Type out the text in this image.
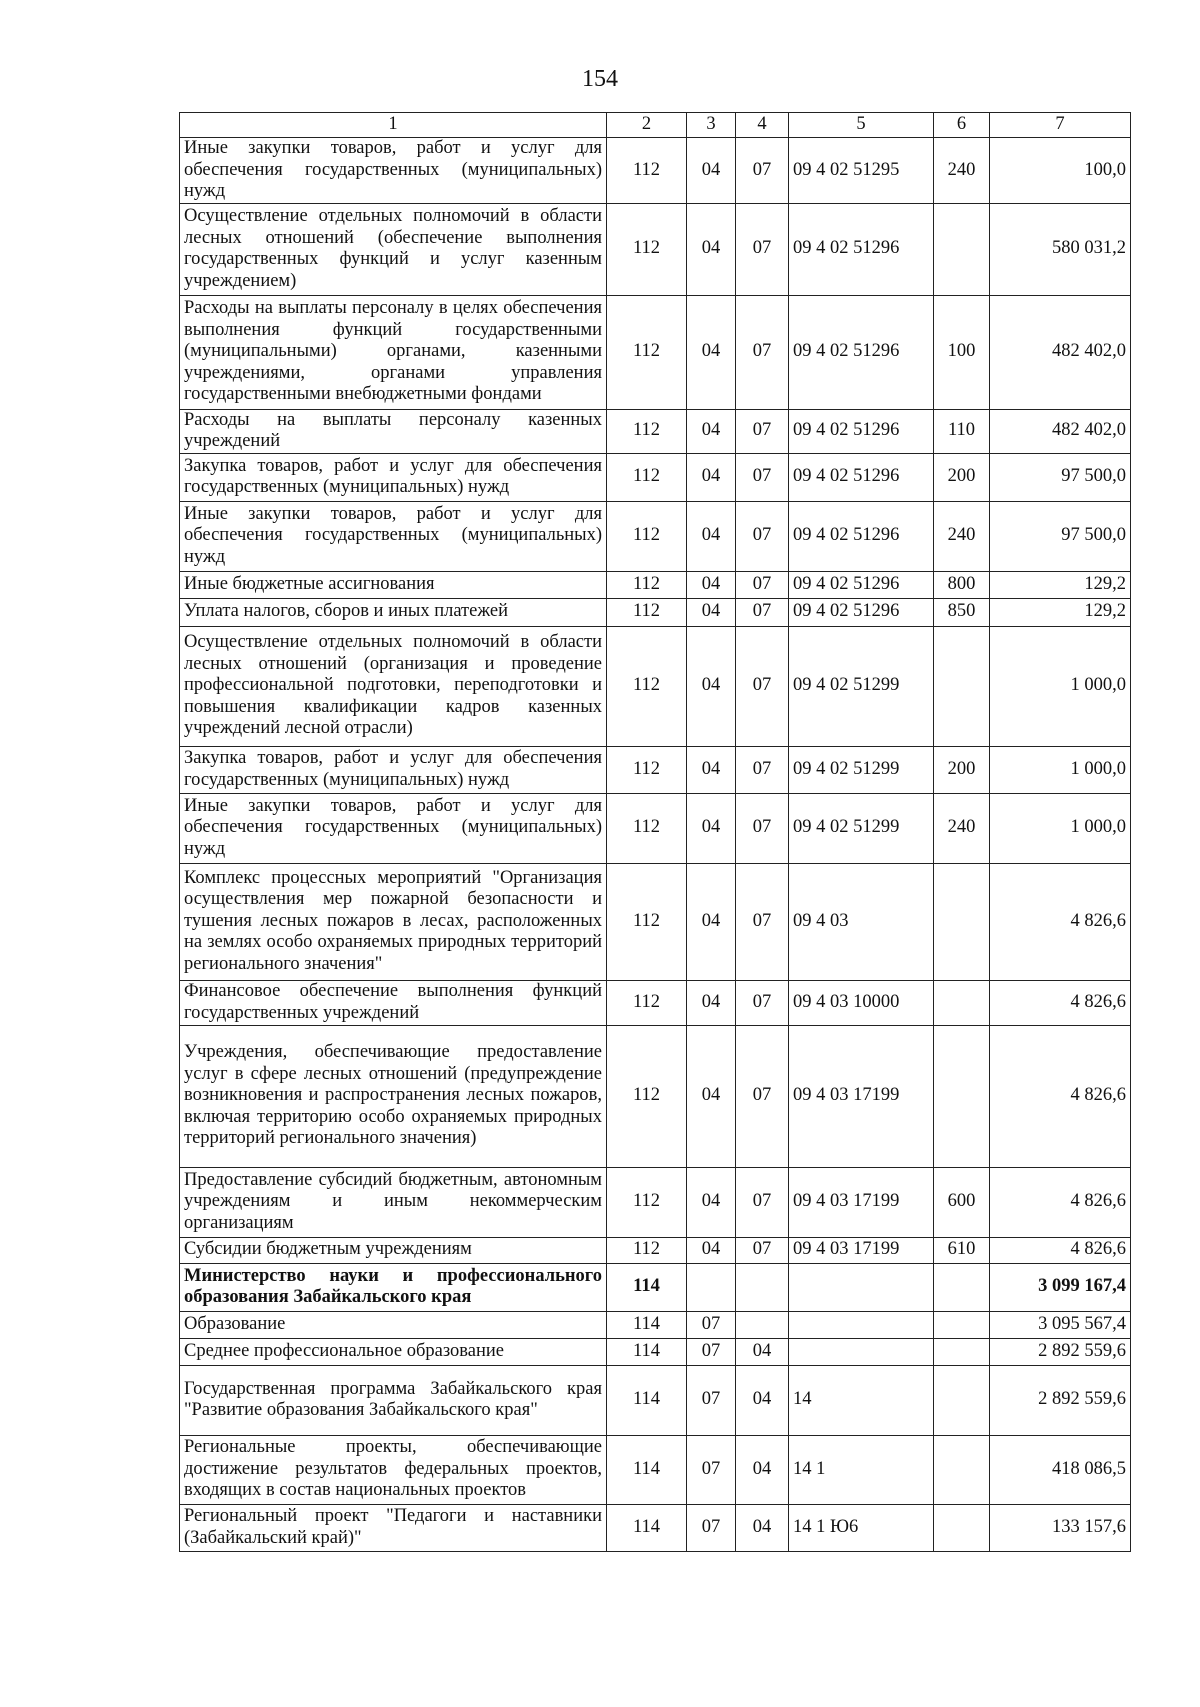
154
1	2	3	4	5	6	7
Иные закупки товаров, работ и услуг для обеспечения государственных (муниципальных) нужд	112	04	07	09 4 02 51295	240	100,0
Осуществление отдельных полномочий в области лесных отношений (обеспечение выполнения государственных функций и услуг казенным учреждением)	112	04	07	09 4 02 51296		580 031,2
Расходы на выплаты персоналу в целях обеспечения выполнения функций государственными (муниципальными) органами, казенными учреждениями, органами управления государственными внебюджетными фондами	112	04	07	09 4 02 51296	100	482 402,0
Расходы на выплаты персоналу казенных учреждений	112	04	07	09 4 02 51296	110	482 402,0
Закупка товаров, работ и услуг для обеспечения государственных (муниципальных) нужд	112	04	07	09 4 02 51296	200	97 500,0
Иные закупки товаров, работ и услуг для обеспечения государственных (муниципальных) нужд	112	04	07	09 4 02 51296	240	97 500,0
Иные бюджетные ассигнования	112	04	07	09 4 02 51296	800	129,2
Уплата налогов, сборов и иных платежей	112	04	07	09 4 02 51296	850	129,2
Осуществление отдельных полномочий в области лесных отношений (организация и проведение профессиональной подготовки, переподготовки и повышения квалификации кадров казенных учреждений лесной отрасли)	112	04	07	09 4 02 51299		1 000,0
Закупка товаров, работ и услуг для обеспечения государственных (муниципальных) нужд	112	04	07	09 4 02 51299	200	1 000,0
Иные закупки товаров, работ и услуг для обеспечения государственных (муниципальных) нужд	112	04	07	09 4 02 51299	240	1 000,0
Комплекс процессных мероприятий "Организация осуществления мер пожарной безопасности и тушения лесных пожаров в лесах, расположенных на землях особо охраняемых природных территорий регионального значения"	112	04	07	09 4 03		4 826,6
Финансовое обеспечение выполнения функций государственных учреждений	112	04	07	09 4 03 10000		4 826,6
Учреждения, обеспечивающие предоставление услуг в сфере лесных отношений (предупреждение возникновения и распространения лесных пожаров, включая территорию особо охраняемых природных территорий регионального значения)	112	04	07	09 4 03 17199		4 826,6
Предоставление субсидий бюджетным, автономным учреждениям и иным некоммерческим организациям	112	04	07	09 4 03 17199	600	4 826,6
Субсидии бюджетным учреждениям	112	04	07	09 4 03 17199	610	4 826,6
Министерство науки и профессионального образования Забайкальского края	114					3 099 167,4
Образование	114	07				3 095 567,4
Среднее профессиональное образование	114	07	04			2 892 559,6
Государственная программа Забайкальского края "Развитие образования Забайкальского края"	114	07	04	14		2 892 559,6
Региональные проекты, обеспечивающие достижение результатов федеральных проектов, входящих в состав национальных проектов	114	07	04	14 1		418 086,5
Региональный проект "Педагоги и наставники (Забайкальский край)"	114	07	04	14 1 Ю6		133 157,6
